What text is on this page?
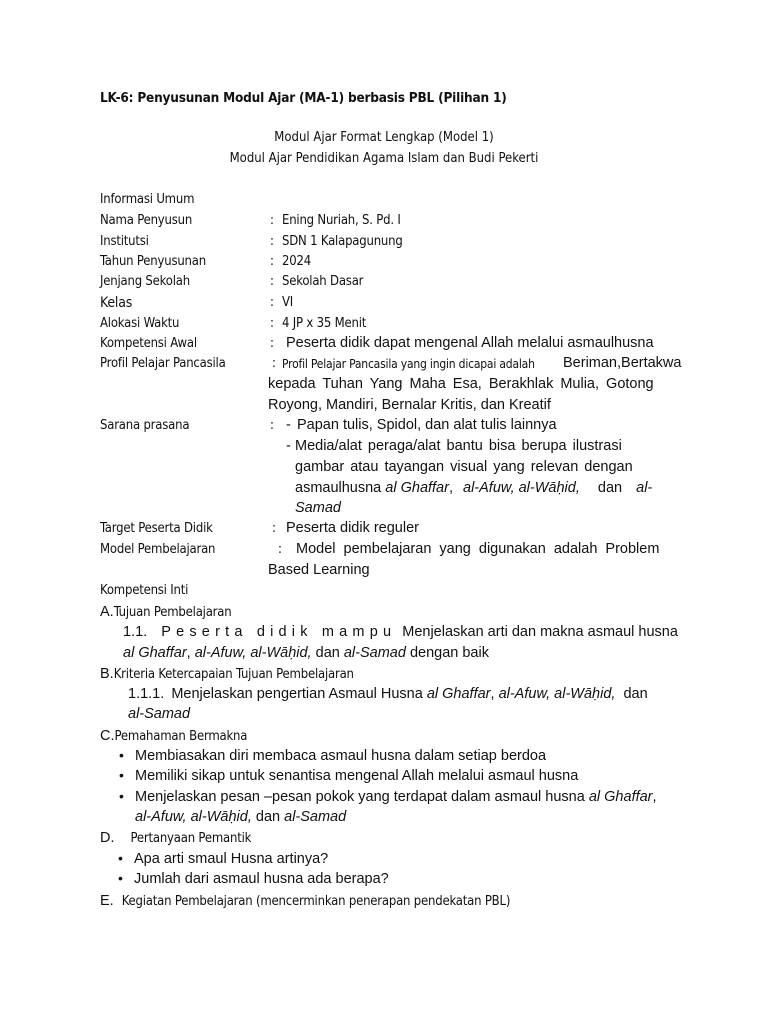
LK-6: Penyusunan Modul Ajar (MA-1) berbasis PBL (Pilihan 1)
Modul Ajar Format Lengkap (Model 1)
Modul Ajar Pendidikan Agama Islam dan Budi Pekerti
Informasi Umum
Nama Penyusun	: Ening Nuriah, S. Pd. I
Institutsi	: SDN 1 Kalapagunung
Tahun Penyusunan	: 2024
Jenjang Sekolah	: Sekolah Dasar
Kelas	: VI
Alokasi Waktu	: 4 JP x 35 Menit
Kompetensi Awal	: Peserta didik dapat mengenal Allah melalui asmaulhusna
Profil Pelajar Pancasila	: Profil Pelajar Pancasila yang ingin dicapai adalah Beriman,Bertakwa
kepada Tuhan Yang Maha Esa, Berakhlak Mulia, Gotong
Royong, Mandiri, Bernalar Kritis, dan Kreatif
Sarana prasana	: - Papan tulis, Spidol, dan alat tulis lainnya
- Media/alat peraga/alat bantu bisa berupa ilustrasi
gambar atau tayangan visual yang relevan dengan
asmaulhusna al Ghaffar, al-Afuw, al-Wāḥid, dan al-
Samad
Target Peserta Didik	: Peserta didik reguler
Model Pembelajaran	: Model pembelajaran yang digunakan adalah Problem
Based Learning
Kompetensi Inti
A.Tujuan Pembelajaran
1.1. Peserta didik mampu Menjelaskan arti dan makna asmaul husna
al Ghaffar, al-Afuw, al-Wāḥid, dan al-Samad dengan baik
B.Kriteria Ketercapaian Tujuan Pembelajaran
1.1.1. Menjelaskan pengertian Asmaul Husna al Ghaffar, al-Afuw, al-Wāḥid, dan
al-Samad
C.Pemahaman Bermakna
• Membiasakan diri membaca asmaul husna dalam setiap berdoa
• Memiliki sikap untuk senantisa mengenal Allah melalui asmaul husna
• Menjelaskan pesan –pesan pokok yang terdapat dalam asmaul husna al Ghaffar,
al-Afuw, al-Wāḥid, dan al-Samad
D. Pertanyaan Pemantik
• Apa arti smaul Husna artinya?
• Jumlah dari asmaul husna ada berapa?
E. Kegiatan Pembelajaran (mencerminkan penerapan pendekatan PBL)
